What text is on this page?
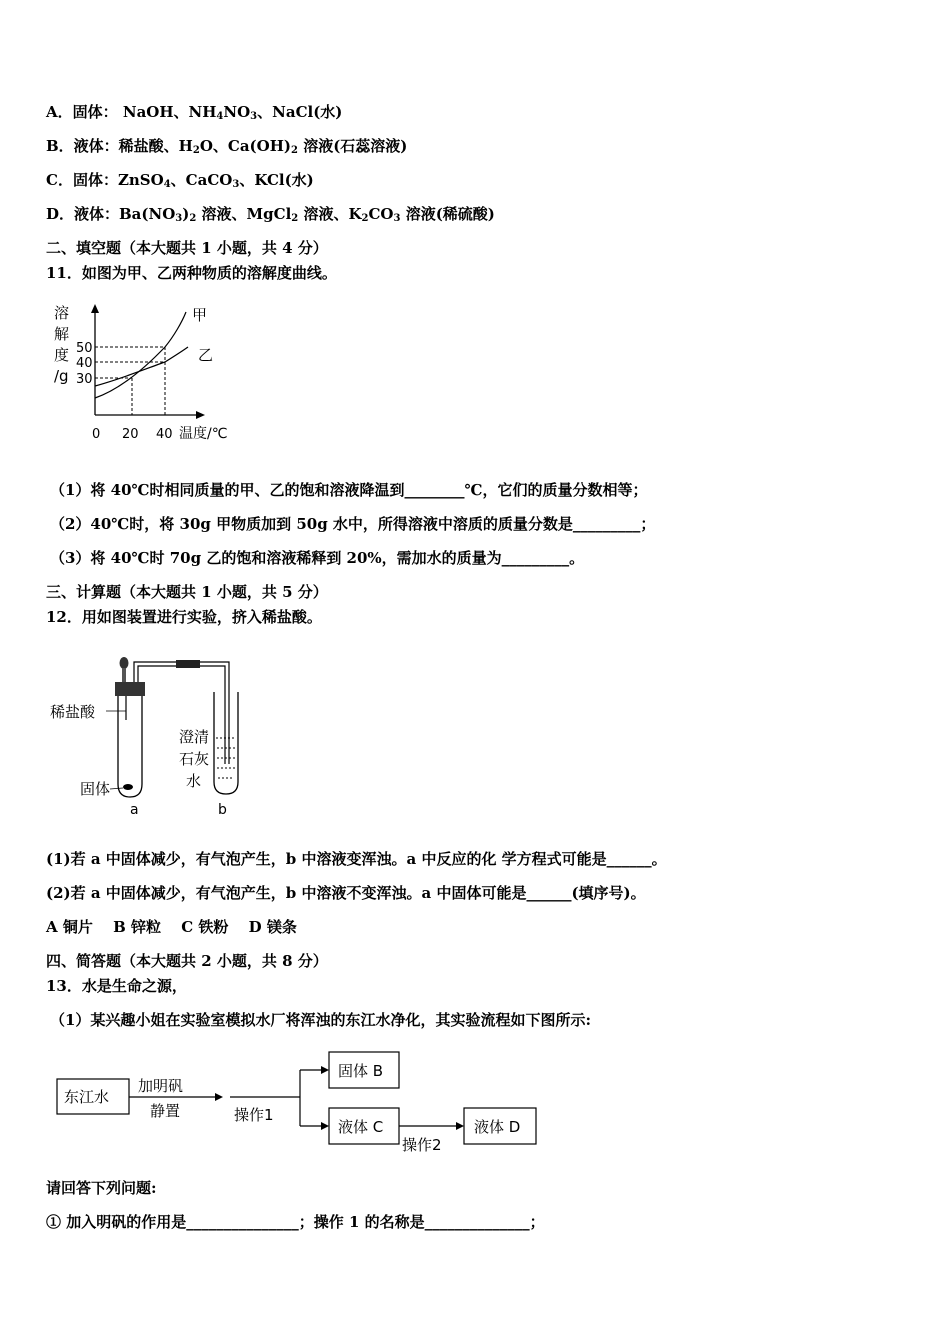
A．固体： NaOH、$NH_4NO_3$、NaCl(水)
B．液体：稀盐酸、$H_2O$、$Ca(OH)_2$ 溶液(石蕊溶液)
C．固体：ZnSO$_4$、CaCO$_3$、KCl(水)
D．液体：$Ba(NO_3)_2$ 溶液、MgCl$_2$ 溶液、$K_2CO_3$ 溶液(稀硫酸)
二、填空题（本大题共 1 小题，共 4 分）
11．如图为甲、乙两种物质的溶解度曲线。
溶
解
度
/g
50
40
30
甲
乙
0 20 40 温度/℃
（1）将 40℃时相同质量的甲、乙的饱和溶液降温到________℃，它们的质量分数相等；
（2）40℃时，将 30g 甲物质加到 50g 水中，所得溶液中溶质的质量分数是_________；
（3）将 40℃时 70g 乙的饱和溶液稀释到 20%，需加水的质量为_________。
三、计算题（本大题共 1 小题，共 5 分）
12．用如图装置进行实验，挤入稀盐酸。
稀盐酸
固体
澄清
石灰
水
a	b
(1)若 a 中固体减少，有气泡产生，b 中溶液变浑浊。a 中反应的化 学方程式可能是______。
(2)若 a 中固体减少，有气泡产生，b 中溶液不变浑浊。a 中固体可能是______(填序号)。
A 铜片　 B 锌粒　 C 铁粉　 D 镁条
四、简答题（本大题共 2 小题，共 8 分）
13．水是生命之源，
（1）某兴趣小姐在实验室模拟水厂将浑浊的东江水净化，其实验流程如下图所示:
东江水
加明矾
静置	操作1
固体 B
液体 C
操作2
液体 D
请回答下列问题:
① 加入明矾的作用是_______________；操作 1 的名称是______________；
